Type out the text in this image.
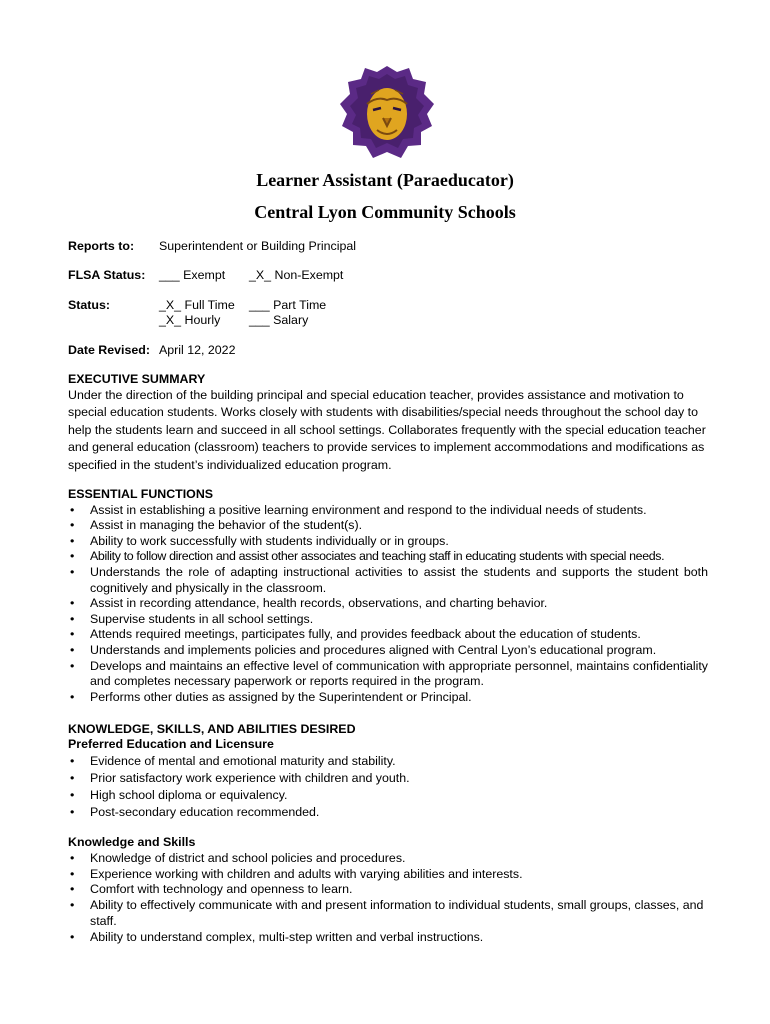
Learner Assistant (Paraeducator)
Central Lyon Community Schools
Reports to: Superintendent or Building Principal
FLSA Status: ___ Exempt _X_ Non-Exempt
Status:	_X_ Full Time ___ Part Time
_X_ Hourly ___ Salary
Date Revised: April 12, 2022
EXECUTIVE SUMMARY
Under the direction of the building principal and special education teacher, provides assistance and motivation to special education students. Works closely with students with disabilities/special needs throughout the school day to help the students learn and succeed in all school settings. Collaborates frequently with the special education teacher and general education (classroom) teachers to provide services to implement accommodations and modifications as specified in the student’s individualized education program.
ESSENTIAL FUNCTIONS
• Assist in establishing a positive learning environment and respond to the individual needs of students.
• Assist in managing the behavior of the student(s).
• Ability to work successfully with students individually or in groups.
• Ability to follow direction and assist other associates and teaching staff in educating students with special needs.
• Understands the role of adapting instructional activities to assist the students and supports the student both cognitively and physically in the classroom.
• Assist in recording attendance, health records, observations, and charting behavior.
• Supervise students in all school settings.
• Attends required meetings, participates fully, and provides feedback about the education of students.
• Understands and implements policies and procedures aligned with Central Lyon’s educational program.
• Develops and maintains an effective level of communication with appropriate personnel, maintains confidentiality and completes necessary paperwork or reports required in the program.
• Performs other duties as assigned by the Superintendent or Principal.
KNOWLEDGE, SKILLS, AND ABILITIES DESIRED
Preferred Education and Licensure
• Evidence of mental and emotional maturity and stability.
• Prior satisfactory work experience with children and youth.
• High school diploma or equivalency.
• Post-secondary education recommended.
Knowledge and Skills
• Knowledge of district and school policies and procedures.
• Experience working with children and adults with varying abilities and interests.
• Comfort with technology and openness to learn.
• Ability to effectively communicate with and present information to individual students, small groups, classes, and staff.
• Ability to understand complex, multi-step written and verbal instructions.
